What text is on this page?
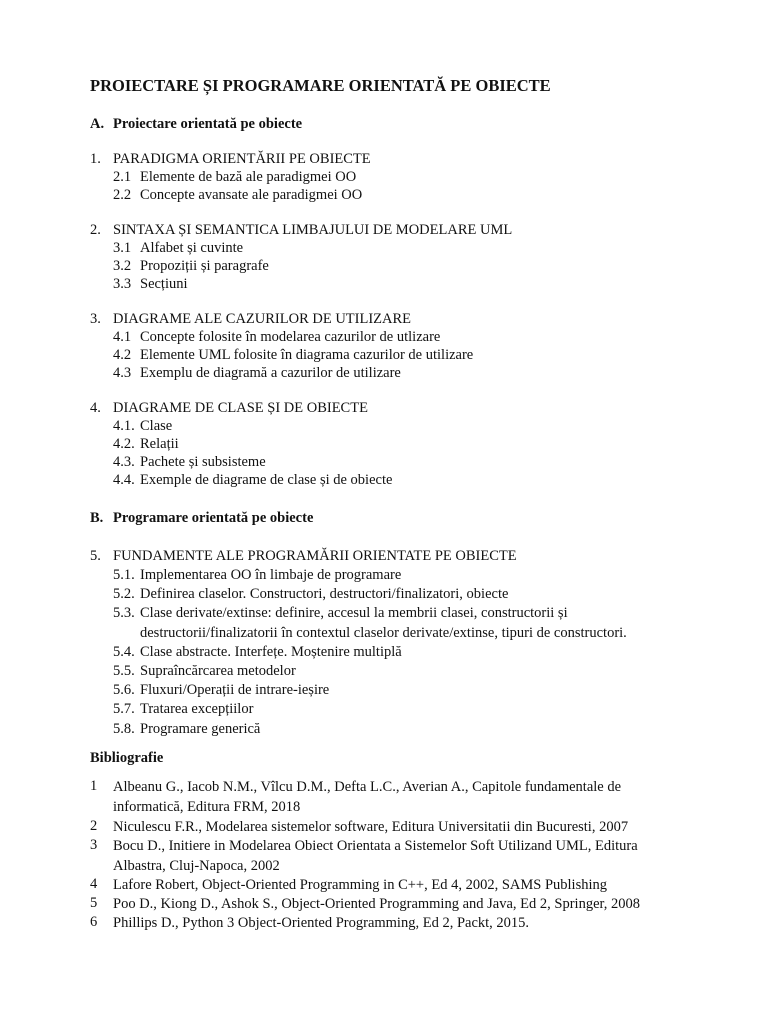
PROIECTARE ȘI PROGRAMARE ORIENTATĂ PE OBIECTE
A. Proiectare orientată pe obiecte
1. PARADIGMA ORIENTĂRII PE OBIECTE
2.1 Elemente de bază ale paradigmei OO
2.2 Concepte avansate ale paradigmei OO
2. SINTAXA ȘI SEMANTICA LIMBAJULUI DE MODELARE UML
3.1 Alfabet și cuvinte
3.2 Propoziții și paragrafe
3.3 Secțiuni
3. DIAGRAME ALE CAZURILOR DE UTILIZARE
4.1 Concepte folosite în modelarea cazurilor de utlizare
4.2 Elemente UML folosite în diagrama cazurilor de utilizare
4.3 Exemplu de diagramă a cazurilor de utilizare
4. DIAGRAME DE CLASE ȘI DE OBIECTE
4.1. Clase
4.2. Relații
4.3. Pachete și subsisteme
4.4. Exemple de diagrame de clase și de obiecte
B. Programare orientată pe obiecte
5. FUNDAMENTE ALE PROGRAMĂRII ORIENTATE PE OBIECTE
5.1. Implementarea OO în limbaje de programare
5.2. Definirea claselor. Constructori, destructori/finalizatori, obiecte
5.3. Clase derivate/extinse: definire, accesul la membrii clasei, constructorii și
destructorii/finalizatorii în contextul claselor derivate/extinse, tipuri de constructori.
5.4. Clase abstracte. Interfețe. Moștenire multiplă
5.5. Supraîncărcarea metodelor
5.6. Fluxuri/Operații de intrare-ieșire
5.7. Tratarea excepțiilor
5.8. Programare generică
Bibliografie
1	Albeanu G., Iacob N.M., Vîlcu D.M., Defta L.C., Averian A., Capitole fundamentale de informatică, Editura FRM, 2018
2	Niculescu F.R., Modelarea sistemelor software, Editura Universitatii din Bucuresti, 2007
3	Bocu D., Initiere in Modelarea Obiect Orientata a Sistemelor Soft Utilizand UML, Editura Albastra, Cluj-Napoca, 2002
4	Lafore Robert, Object-Oriented Programming in C++, Ed 4, 2002, SAMS Publishing
5	Poo D., Kiong D., Ashok S., Object-Oriented Programming and Java, Ed 2, Springer, 2008
6	Phillips D., Python 3 Object-Oriented Programming, Ed 2, Packt, 2015.
